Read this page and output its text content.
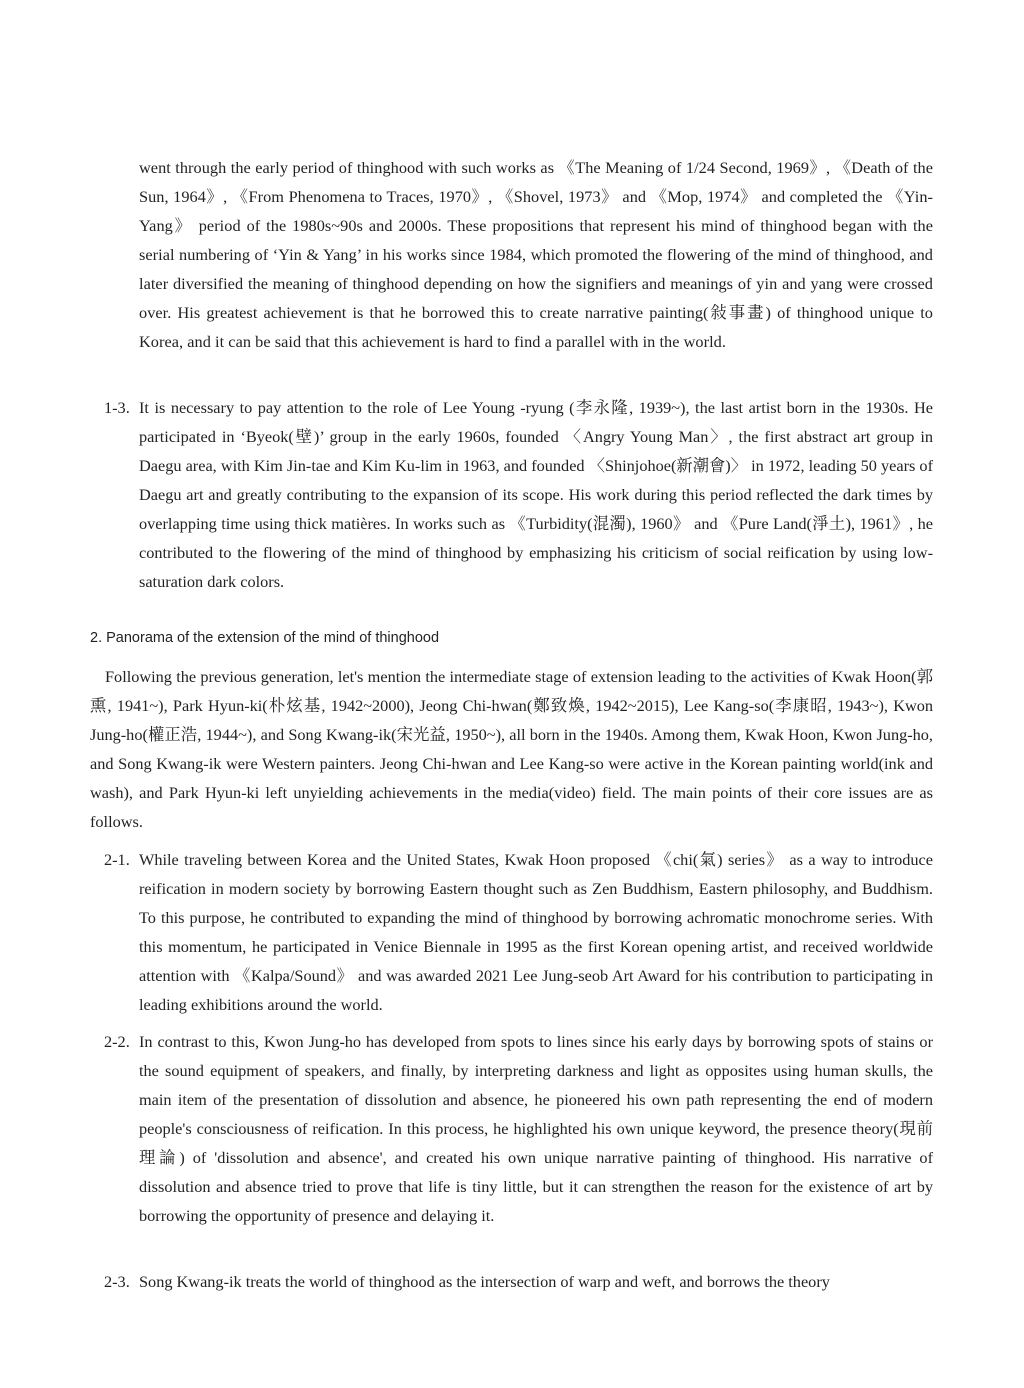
went through the early period of thinghood with such works as 《The Meaning of 1/24 Second, 1969》, 《Death of the Sun, 1964》, 《From Phenomena to Traces, 1970》, 《Shovel, 1973》 and 《Mop, 1974》 and completed the 《Yin-Yang》 period of the 1980s~90s and 2000s. These propositions that represent his mind of thinghood began with the serial numbering of ‘Yin & Yang’ in his works since 1984, which promoted the flowering of the mind of thinghood, and later diversified the meaning of thinghood depending on how the signifiers and meanings of yin and yang were crossed over. His greatest achievement is that he borrowed this to create narrative painting(敍事畫) of thinghood unique to Korea, and it can be said that this achievement is hard to find a parallel with in the world.

1-3. It is necessary to pay attention to the role of Lee Young -ryung (李永隆, 1939~), the last artist born in the 1930s. He participated in ‘Byeok(壁)’ group in the early 1960s, founded 〈Angry Young Man〉, the first abstract art group in Daegu area, with Kim Jin-tae and Kim Ku-lim in 1963, and founded 〈Shinjohoe(新潮會)〉 in 1972, leading 50 years of Daegu art and greatly contributing to the expansion of its scope. His work during this period reflected the dark times by overlapping time using thick matières. In works such as 《Turbidity(混濁), 1960》 and 《Pure Land(淨土), 1961》, he contributed to the flowering of the mind of thinghood by emphasizing his criticism of social reification by using low-saturation dark colors.
2. Panorama of the extension of the mind of thinghood

Following the previous generation, let's mention the intermediate stage of extension leading to the activities of Kwak Hoon(郭熏, 1941~), Park Hyun-ki(朴炫基, 1942~2000), Jeong Chi-hwan(鄭致煥, 1942~2015), Lee Kang-so(李康昭, 1943~), Kwon Jung-ho(權正浩, 1944~), and Song Kwang-ik(宋光益, 1950~), all born in the 1940s. Among them, Kwak Hoon, Kwon Jung-ho, and Song Kwang-ik were Western painters. Jeong Chi-hwan and Lee Kang-so were active in the Korean painting world(ink and wash), and Park Hyun-ki left unyielding achievements in the media(video) field. The main points of their core issues are as follows.

2-1. While traveling between Korea and the United States, Kwak Hoon proposed 《chi(氣) series》 as a way to introduce reification in modern society by borrowing Eastern thought such as Zen Buddhism, Eastern philosophy, and Buddhism. To this purpose, he contributed to expanding the mind of thinghood by borrowing achromatic monochrome series. With this momentum, he participated in Venice Biennale in 1995 as the first Korean opening artist, and received worldwide attention with 《Kalpa/Sound》 and was awarded 2021 Lee Jung-seob Art Award for his contribution to participating in leading exhibitions around the world.
2-2. In contrast to this, Kwon Jung-ho has developed from spots to lines since his early days by borrowing spots of stains or the sound equipment of speakers, and finally, by interpreting darkness and light as opposites using human skulls, the main item of the presentation of dissolution and absence, he pioneered his own path representing the end of modern people's consciousness of reification. In this process, he highlighted his own unique keyword, the presence theory(現前理論) of 'dissolution and absence', and created his own unique narrative painting of thinghood. His narrative of dissolution and absence tried to prove that life is tiny little, but it can strengthen the reason for the existence of art by borrowing the opportunity of presence and delaying it.
2-3. Song Kwang-ik treats the world of thinghood as the intersection of warp and weft, and borrows the theory
